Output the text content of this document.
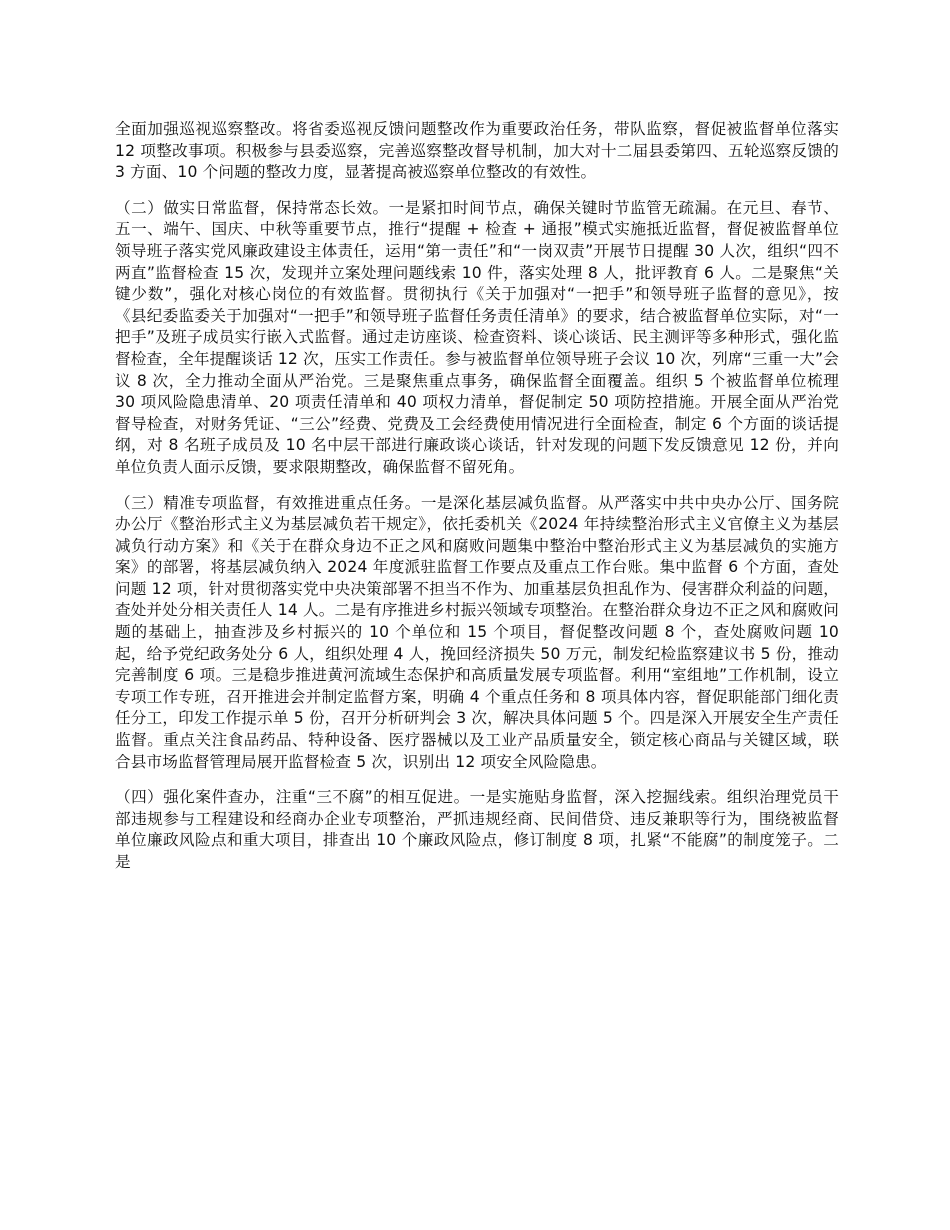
全面加强巡视巡察整改。将省委巡视反馈问题整改作为重要政治任务，带队监察，督促被监督单位落实 12 项整改事项。积极参与县委巡察，完善巡察整改督导机制，加大对十二届县委第四、五轮巡察反馈的 3 方面、10 个问题的整改力度，显著提高被巡察单位整改的有效性。

（二）做实日常监督，保持常态长效。一是紧扣时间节点，确保关键时节监管无疏漏。在元旦、春节、五一、端午、国庆、中秋等重要节点，推行“提醒 + 检查 + 通报”模式实施抵近监督，督促被监督单位领导班子落实党风廉政建设主体责任，运用“第一责任”和“一岗双责”开展节日提醒 30 人次，组织“四不两直”监督检查 15 次，发现并立案处理问题线索 10 件，落实处理 8 人，批评教育 6 人。二是聚焦“关键少数”，强化对核心岗位的有效监督。贯彻执行《关于加强对“一把手”和领导班子监督的意见》，按《县纪委监委关于加强对“一把手”和领导班子监督任务责任清单》的要求，结合被监督单位实际，对“一把手”及班子成员实行嵌入式监督。通过走访座谈、检查资料、谈心谈话、民主测评等多种形式，强化监督检查，全年提醒谈话 12 次，压实工作责任。参与被监督单位领导班子会议 10 次，列席“三重一大”会议 8 次，全力推动全面从严治党。三是聚焦重点事务，确保监督全面覆盖。组织 5 个被监督单位梳理 30 项风险隐患清单、20 项责任清单和 40 项权力清单，督促制定 50 项防控措施。开展全面从严治党督导检查，对财务凭证、“三公”经费、党费及工会经费使用情况进行全面检查，制定 6 个方面的谈话提纲，对 8 名班子成员及 10 名中层干部进行廉政谈心谈话，针对发现的问题下发反馈意见 12 份，并向单位负责人面示反馈，要求限期整改，确保监督不留死角。

（三）精准专项监督，有效推进重点任务。一是深化基层减负监督。从严落实中共中央办公厅、国务院办公厅《整治形式主义为基层减负若干规定》，依托委机关《2024 年持续整治形式主义官僚主义为基层减负行动方案》和《关于在群众身边不正之风和腐败问题集中整治中整治形式主义为基层减负的实施方案》的部署，将基层减负纳入 2024 年度派驻监督工作要点及重点工作台账。集中监督 6 个方面，查处问题 12 项，针对贯彻落实党中央决策部署不担当不作为、加重基层负担乱作为、侵害群众利益的问题，查处并处分相关责任人 14 人。二是有序推进乡村振兴领域专项整治。在整治群众身边不正之风和腐败问题的基础上，抽查涉及乡村振兴的 10 个单位和 15 个项目，督促整改问题 8 个，查处腐败问题 10 起，给予党纪政务处分 6 人，组织处理 4 人，挽回经济损失 50 万元，制发纪检监察建议书 5 份，推动完善制度 6 项。三是稳步推进黄河流域生态保护和高质量发展专项监督。利用“室组地”工作机制，设立专项工作专班，召开推进会并制定监督方案，明确 4 个重点任务和 8 项具体内容，督促职能部门细化责任分工，印发工作提示单 5 份，召开分析研判会 3 次，解决具体问题 5 个。四是深入开展安全生产责任监督。重点关注食品药品、特种设备、医疗器械以及工业产品质量安全，锁定核心商品与关键区域，联合县市场监督管理局展开监督检查 5 次，识别出 12 项安全风险隐患。

（四）强化案件查办，注重“三不腐”的相互促进。一是实施贴身监督，深入挖掘线索。组织治理党员干部违规参与工程建设和经商办企业专项整治，严抓违规经商、民间借贷、违反兼职等行为，围绕被监督单位廉政风险点和重大项目，排查出 10 个廉政风险点，修订制度 8 项，扎紧“不能腐”的制度笼子。二是
